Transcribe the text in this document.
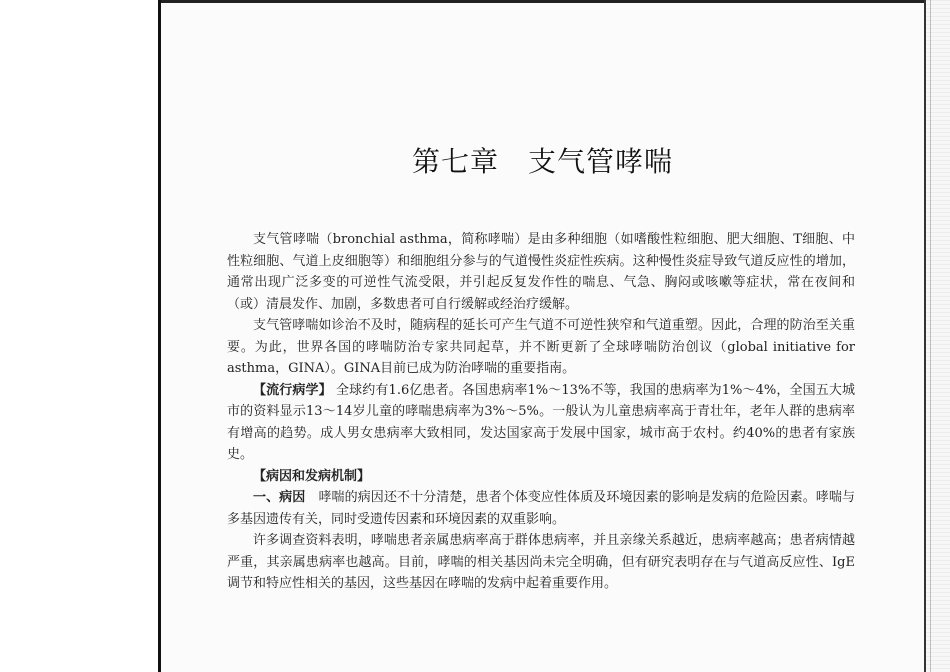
第七章　支气管哮喘

支气管哮喘（bronchial asthma，简称哮喘）是由多种细胞（如嗜酸性粒细胞、肥大细胞、T细胞、中性粒细胞、气道上皮细胞等）和细胞组分参与的气道慢性炎症性疾病。这种慢性炎症导致气道反应性的增加，通常出现广泛多变的可逆性气流受限，并引起反复发作性的喘息、气急、胸闷或咳嗽等症状，常在夜间和（或）清晨发作、加剧，多数患者可自行缓解或经治疗缓解。

支气管哮喘如诊治不及时，随病程的延长可产生气道不可逆性狭窄和气道重塑。因此，合理的防治至关重要。为此，世界各国的哮喘防治专家共同起草，并不断更新了全球哮喘防治创议（global initiative for asthma，GINA）。GINA目前已成为防治哮喘的重要指南。

【流行病学】 全球约有1.6亿患者。各国患病率1%～13%不等，我国的患病率为1%～4%，全国五大城市的资料显示13～14岁儿童的哮喘患病率为3%～5%。一般认为儿童患病率高于青壮年，老年人群的患病率有增高的趋势。成人男女患病率大致相同，发达国家高于发展中国家，城市高于农村。约40%的患者有家族史。

【病因和发病机制】

一、病因　 哮喘的病因还不十分清楚，患者个体变应性体质及环境因素的影响是发病的危险因素。哮喘与多基因遗传有关，同时受遗传因素和环境因素的双重影响。

许多调查资料表明，哮喘患者亲属患病率高于群体患病率，并且亲缘关系越近，患病率越高；患者病情越严重，其亲属患病率也越高。目前，哮喘的相关基因尚未完全明确，但有研究表明存在与气道高反应性、IgE调节和特应性相关的基因，这些基因在哮喘的发病中起着重要作用。
